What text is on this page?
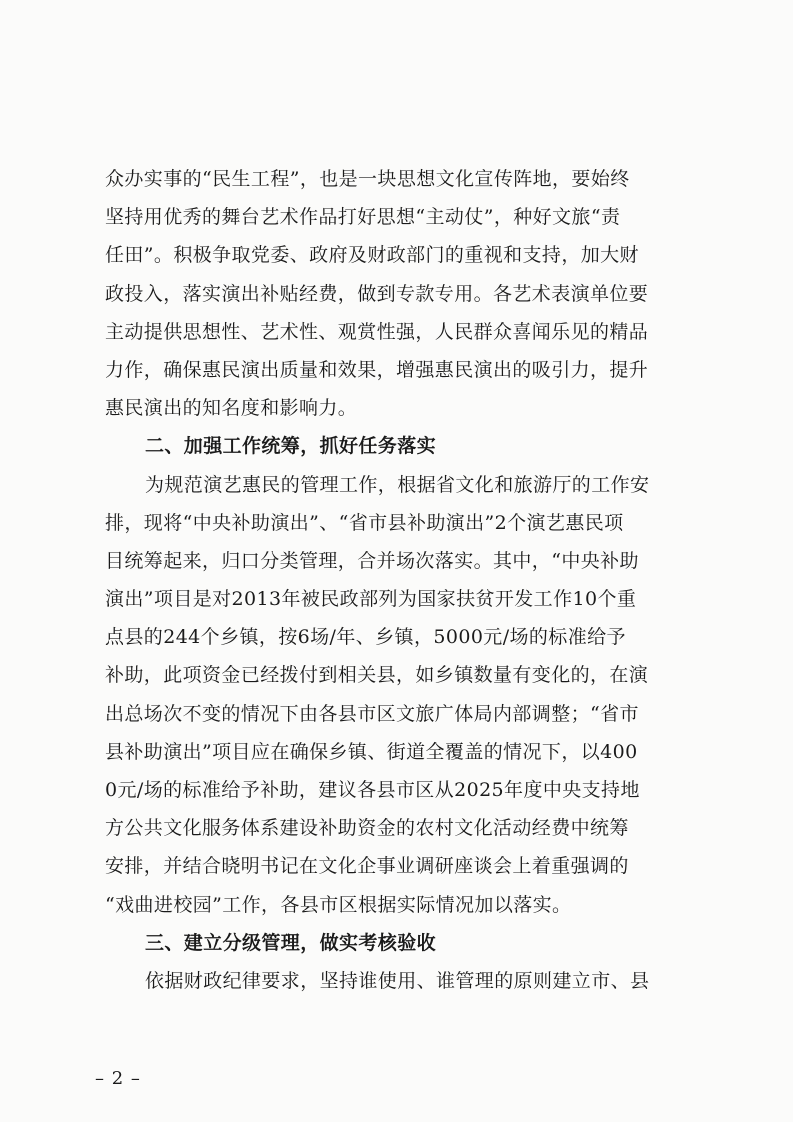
众办实事的“民生工程”，也是一块思想文化宣传阵地，要始终
坚持用优秀的舞台艺术作品打好思想“主动仗”，种好文旅“责
任田”。积极争取党委、政府及财政部门的重视和支持，加大财
政投入，落实演出补贴经费，做到专款专用。各艺术表演单位要
主动提供思想性、艺术性、观赏性强，人民群众喜闻乐见的精品
力作，确保惠民演出质量和效果，增强惠民演出的吸引力，提升
惠民演出的知名度和影响力。
二、加强工作统筹，抓好任务落实
为规范演艺惠民的管理工作，根据省文化和旅游厅的工作安
排，现将“中央补助演出”、“省市县补助演出”2个演艺惠民项
目统筹起来，归口分类管理，合并场次落实。其中，“中央补助
演出”项目是对2013年被民政部列为国家扶贫开发工作10个重
点县的244个乡镇，按6场/年、乡镇，5000元/场的标准给予
补助，此项资金已经拨付到相关县，如乡镇数量有变化的，在演
出总场次不变的情况下由各县市区文旅广体局内部调整；“省市
县补助演出”项目应在确保乡镇、街道全覆盖的情况下，以400
0元/场的标准给予补助，建议各县市区从2025年度中央支持地
方公共文化服务体系建设补助资金的农村文化活动经费中统筹
安排，并结合晓明书记在文化企事业调研座谈会上着重强调的
“戏曲进校园”工作，各县市区根据实际情况加以落实。
三、建立分级管理，做实考核验收
依据财政纪律要求，坚持谁使用、谁管理的原则建立市、县
– 2 –
